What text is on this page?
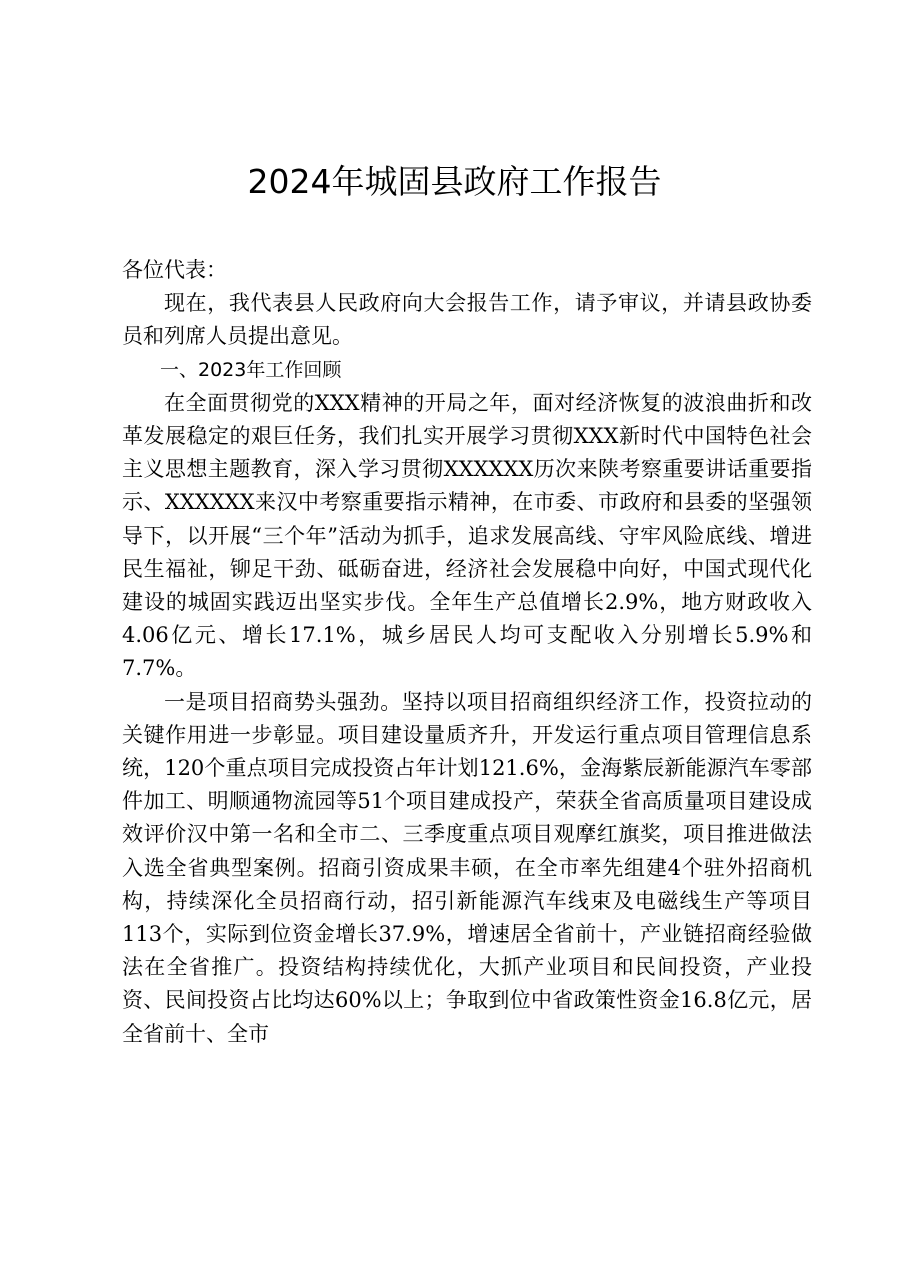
2024年城固县政府工作报告

各位代表：

现在，我代表县人民政府向大会报告工作，请予审议，并请县政协委员和列席人员提出意见。

一、2023年工作回顾

在全面贯彻党的XXX精神的开局之年，面对经济恢复的波浪曲折和改革发展稳定的艰巨任务，我们扎实开展学习贯彻XXX新时代中国特色社会主义思想主题教育，深入学习贯彻XXXXXX历次来陕考察重要讲话重要指示、XXXXXX来汉中考察重要指示精神，在市委、市政府和县委的坚强领导下，以开展“三个年”活动为抓手，追求发展高线、守牢风险底线、增进民生福祉，铆足干劲、砥砺奋进，经济社会发展稳中向好，中国式现代化建设的城固实践迈出坚实步伐。全年生产总值增长2.9%，地方财政收入4.06亿元、增长17.1%，城乡居民人均可支配收入分别增长5.9%和7.7%。

一是项目招商势头强劲。坚持以项目招商组织经济工作，投资拉动的关键作用进一步彰显。项目建设量质齐升，开发运行重点项目管理信息系统，120个重点项目完成投资占年计划121.6%，金海紫辰新能源汽车零部件加工、明顺通物流园等51个项目建成投产，荣获全省高质量项目建设成效评价汉中第一名和全市二、三季度重点项目观摩红旗奖，项目推进做法入选全省典型案例。招商引资成果丰硕，在全市率先组建4个驻外招商机构，持续深化全员招商行动，招引新能源汽车线束及电磁线生产等项目113个，实际到位资金增长37.9%，增速居全省前十，产业链招商经验做法在全省推广。投资结构持续优化，大抓产业项目和民间投资，产业投资、民间投资占比均达60%以上；争取到位中省政策性资金16.8亿元，居全省前十、全市
